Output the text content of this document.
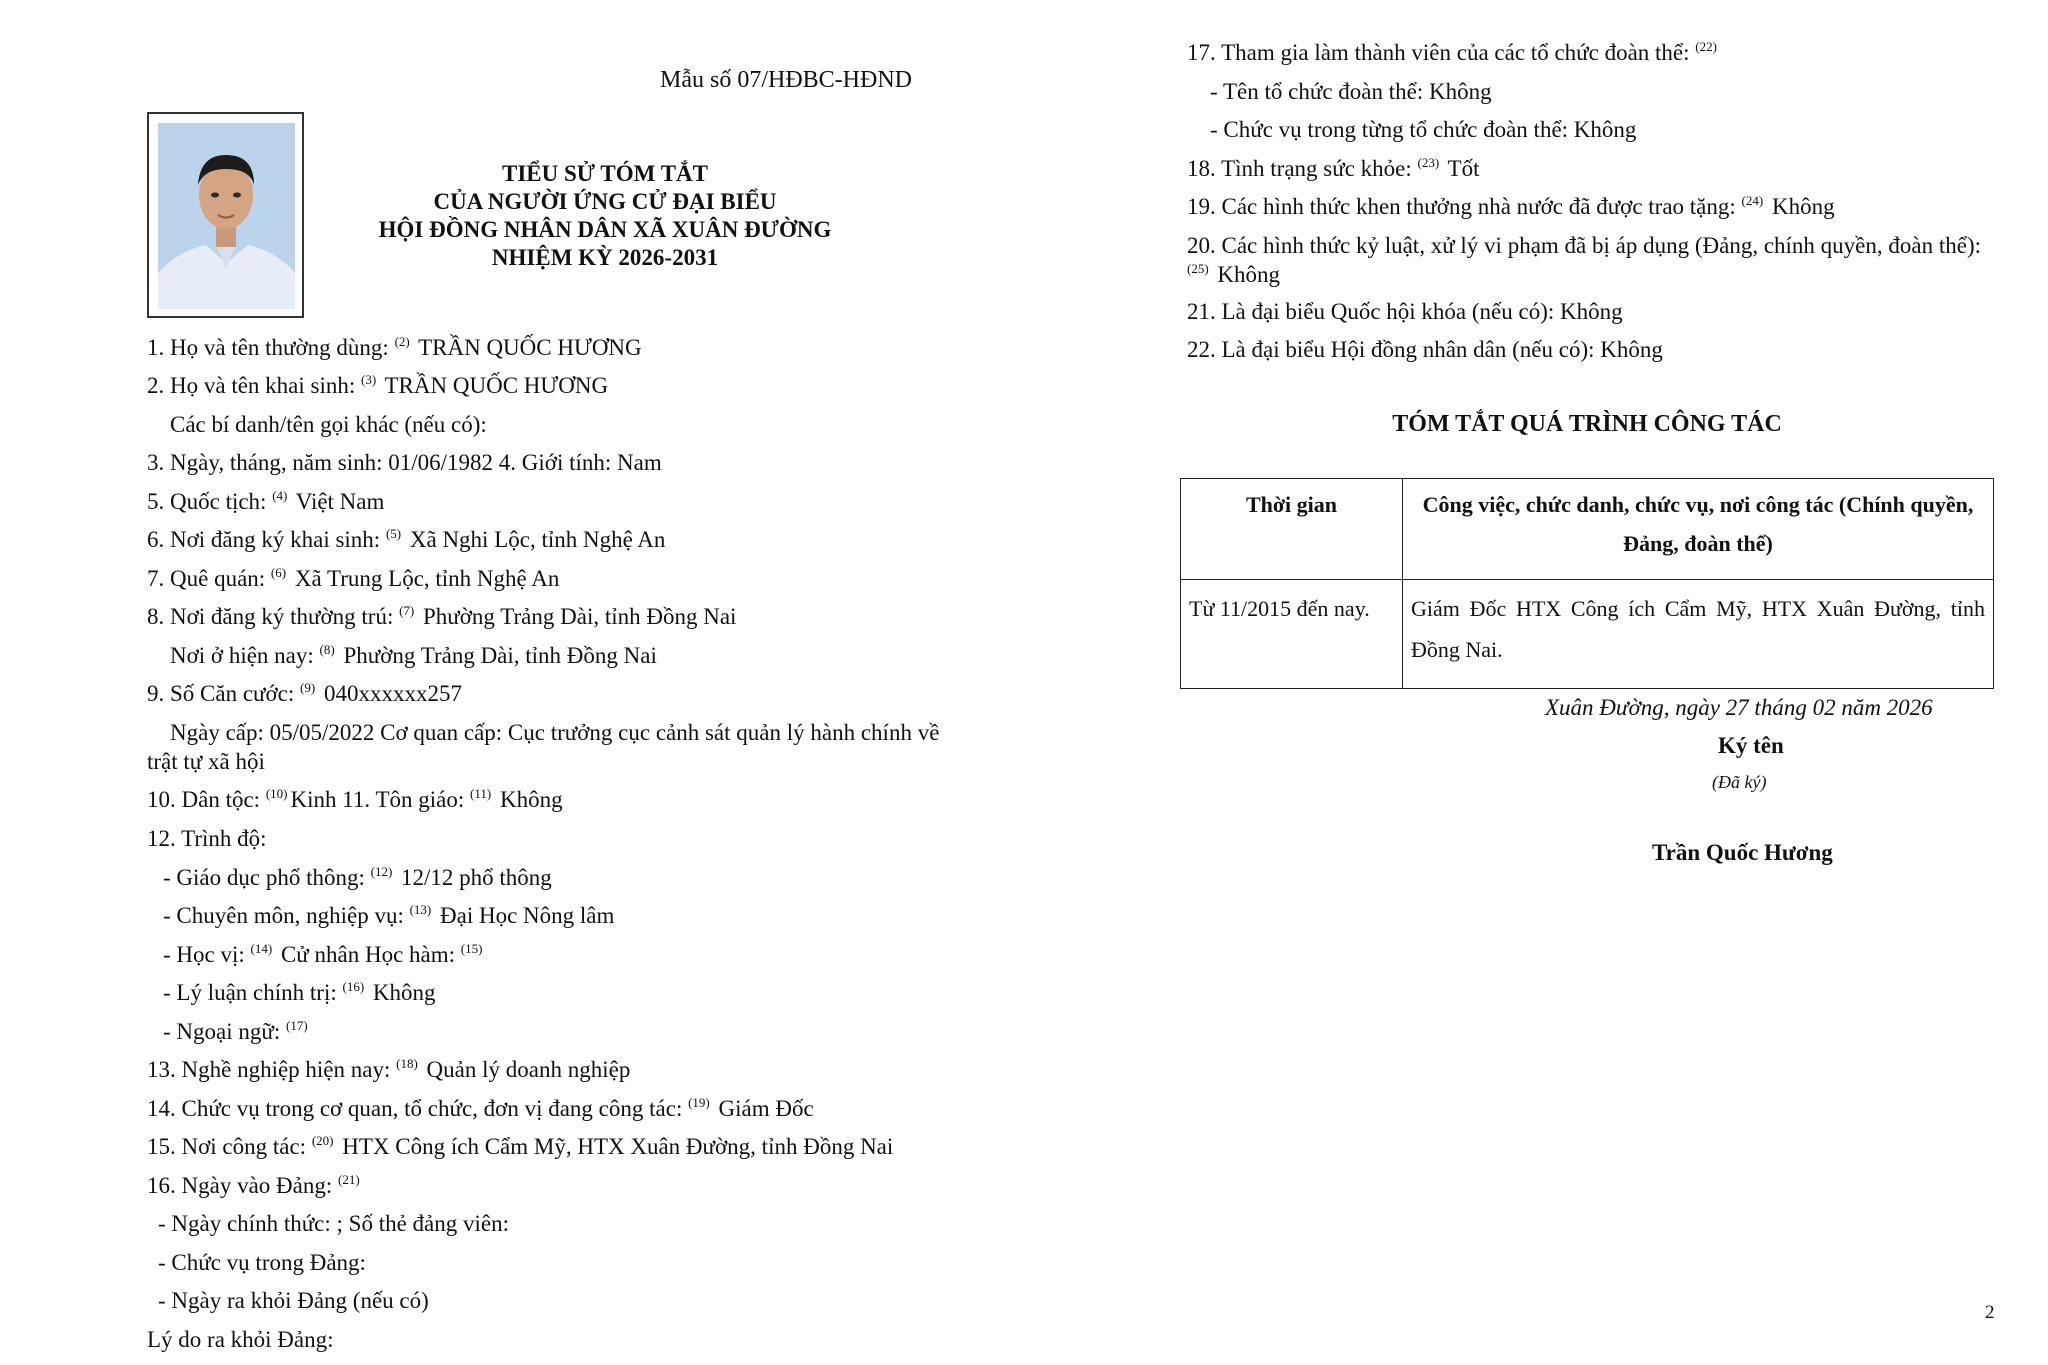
Mẫu số 07/HĐBC-HĐND
TIỂU SỬ TÓM TẮT
CỦA NGƯỜI ỨNG CỬ ĐẠI BIỂU
HỘI ĐỒNG NHÂN DÂN XÃ XUÂN ĐƯỜNG
NHIỆM KỲ 2026-2031
1. Họ và tên thường dùng: $^{(2)}$ TRẦN QUỐC HƯƠNG
2. Họ và tên khai sinh: $^{(3)}$ TRẦN QUỐC HƯƠNG
Các bí danh/tên gọi khác (nếu có):
3. Ngày, tháng, năm sinh: 01/06/1982 4. Giới tính: Nam
5. Quốc tịch: $^{(4)}$ Việt Nam
6. Nơi đăng ký khai sinh: $^{(5)}$ Xã Nghi Lộc, tỉnh Nghệ An
7. Quê quán: $^{(6)}$ Xã Trung Lộc, tỉnh Nghệ An
8. Nơi đăng ký thường trú: $^{(7)}$ Phường Trảng Dài, tỉnh Đồng Nai
Nơi ở hiện nay: $^{(8)}$ Phường Trảng Dài, tỉnh Đồng Nai
9. Số Căn cước: $^{(9)}$ 040xxxxxx257
Ngày cấp: 05/05/2022 Cơ quan cấp: Cục trưởng cục cảnh sát quản lý hành chính về
trật tự xã hội
10. Dân tộc: $^{(10)}$ Kinh 11. Tôn giáo: $^{(11)}$ Không
12. Trình độ:
- Giáo dục phổ thông: $^{(12)}$ 12/12 phổ thông
- Chuyên môn, nghiệp vụ: $^{(13)}$ Đại Học Nông lâm
- Học vị: $^{(14)}$ Cử nhân Học hàm: $^{(15)}$
- Lý luận chính trị: $^{(16)}$ Không
- Ngoại ngữ: $^{(17)}$
13. Nghề nghiệp hiện nay: $^{(18)}$ Quản lý doanh nghiệp
14. Chức vụ trong cơ quan, tổ chức, đơn vị đang công tác: $^{(19)}$ Giám Đốc
15. Nơi công tác: $^{(20)}$ HTX Công ích Cẩm Mỹ, HTX Xuân Đường, tỉnh Đồng Nai
16. Ngày vào Đảng: $^{(21)}$
- Ngày chính thức: ; Số thẻ đảng viên:
- Chức vụ trong Đảng:
- Ngày ra khỏi Đảng (nếu có)
Lý do ra khỏi Đảng:
17. Tham gia làm thành viên của các tổ chức đoàn thể: $^{(22)}$
- Tên tổ chức đoàn thể: Không
- Chức vụ trong từng tổ chức đoàn thể: Không
18. Tình trạng sức khỏe: $^{(23)}$ Tốt
19. Các hình thức khen thưởng nhà nước đã được trao tặng: $^{(24)}$ Không
20. Các hình thức kỷ luật, xử lý vi phạm đã bị áp dụng (Đảng, chính quyền, đoàn thể):
$^{(25)}$ Không
21. Là đại biểu Quốc hội khóa (nếu có): Không
22. Là đại biểu Hội đồng nhân dân (nếu có): Không
TÓM TẮT QUÁ TRÌNH CÔNG TÁC
Thời gian	Công việc, chức danh, chức vụ, nơi công tác (Chính quyền, Đảng, đoàn thể)
Từ 11/2015 đến nay.	Giám Đốc HTX Công ích Cẩm Mỹ, HTX Xuân Đường, tỉnh Đồng Nai.
Xuân Đường, ngày 27 tháng 02 năm 2026
Ký tên
(Đã ký)
Trần Quốc Hương
2
